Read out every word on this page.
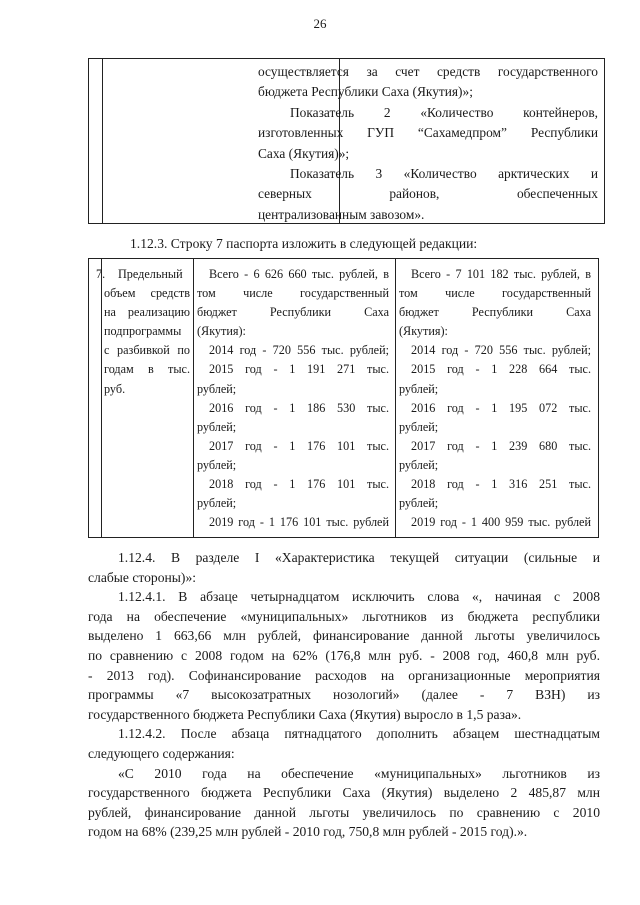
26
осуществляется за счет средств государственного
бюджета Республики Саха (Якутия)»;
Показатель 2 «Количество контейнеров,
изготовленных ГУП “Сахамедпром” Республики
Саха (Якутия)»;
Показатель 3 «Количество арктических и
северных районов, обеспеченных
централизованным завозом».
1.12.3. Строку 7 паспорта изложить в следующей редакции:
7.	Предельный
объем средств
на реализацию
подпрограммы
с разбивкой по
годам в тыс.
руб.
Всего - 6 626 660 тыс. рублей, в
том числе государственный
бюджет Республики Саха
(Якутия):
2014 год - 720 556 тыс. рублей;
2015 год - 1 191 271 тыс.
рублей;
2016 год - 1 186 530 тыс.
рублей;
2017 год - 1 176 101 тыс.
рублей;
2018 год - 1 176 101 тыс.
рублей;
2019 год - 1 176 101 тыс. рублей
Всего - 7 101 182 тыс. рублей, в
том числе государственный
бюджет Республики Саха
(Якутия):
2014 год - 720 556 тыс. рублей;
2015 год - 1 228 664 тыс.
рублей;
2016 год - 1 195 072 тыс.
рублей;
2017 год - 1 239 680 тыс.
рублей;
2018 год - 1 316 251 тыс.
рублей;
2019 год - 1 400 959 тыс. рублей
1.12.4. В разделе I «Характеристика текущей ситуации (сильные и
слабые стороны)»:
1.12.4.1. В абзаце четырнадцатом исключить слова «, начиная с 2008
года на обеспечение «муниципальных» льготников из бюджета республики
выделено 1 663,66 млн рублей, финансирование данной льготы увеличилось
по сравнению с 2008 годом на 62% (176,8 млн руб. - 2008 год, 460,8 млн руб.
- 2013 год). Софинансирование расходов на организационные мероприятия
программы «7 высокозатратных нозологий» (далее - 7 ВЗН) из
государственного бюджета Республики Саха (Якутия) выросло в 1,5 раза».
1.12.4.2. После абзаца пятнадцатого дополнить абзацем шестнадцатым
следующего содержания:
«С 2010 года на обеспечение «муниципальных» льготников из
государственного бюджета Республики Саха (Якутия) выделено 2 485,87 млн
рублей, финансирование данной льготы увеличилось по сравнению с 2010
годом на 68% (239,25 млн рублей - 2010 год, 750,8 млн рублей - 2015 год).».
